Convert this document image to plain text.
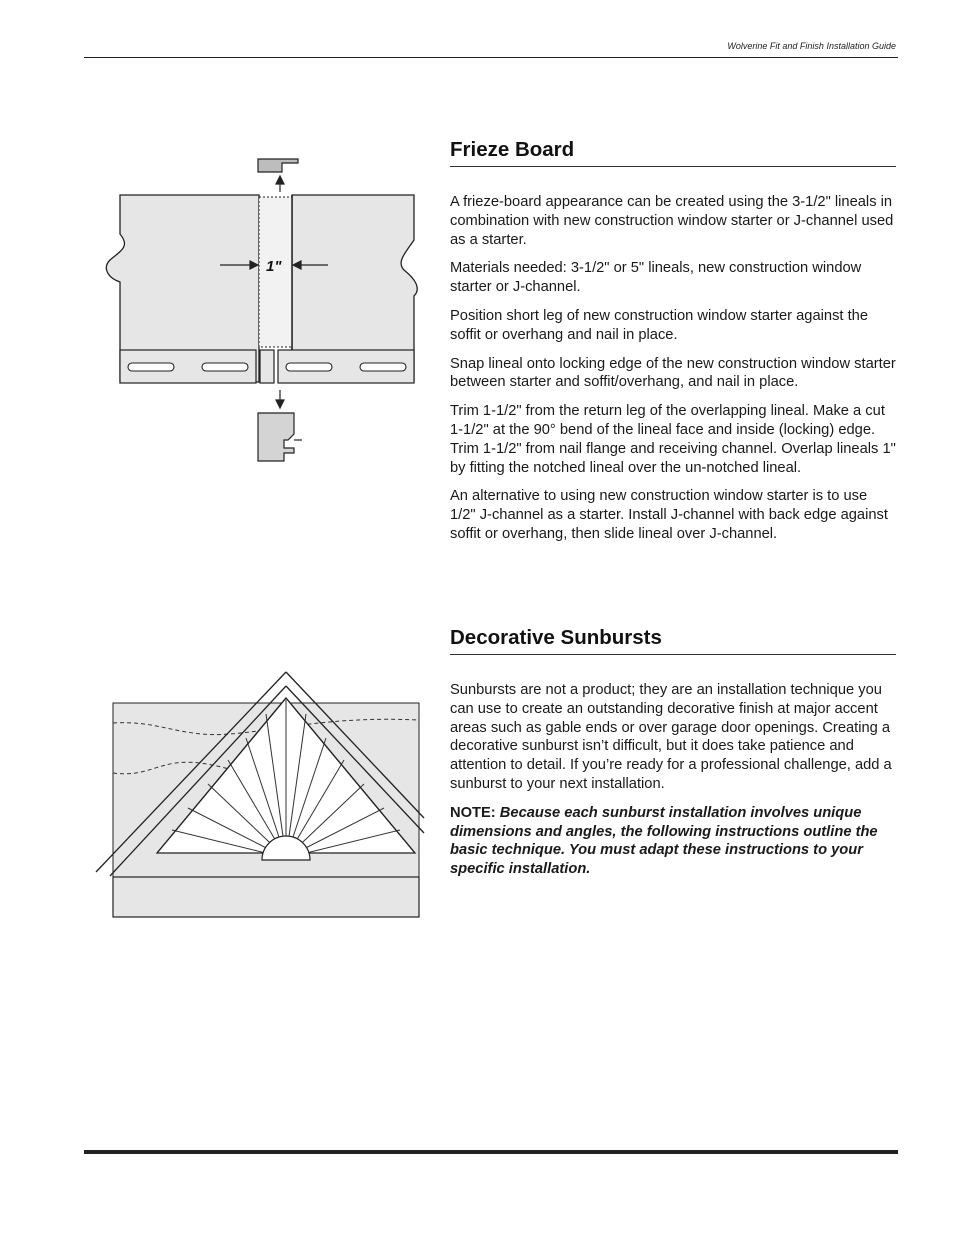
Wolverine Fit and Finish Installation Guide
1"
Frieze Board

A frieze-board appearance can be created using the 3-1/2" lineals in combination with new construction window starter or J-channel used as a starter.

Materials needed: 3-1/2" or 5" lineals, new construction window starter or J-channel.

Position short leg of new construction window starter against the soffit or overhang and nail in place.

Snap lineal onto locking edge of the new construction window starter between starter and soffit/overhang, and nail in place.

Trim 1-1/2" from the return leg of the overlapping lineal. Make a cut 1-1/2" at the 90° bend of the lineal face and inside (locking) edge. Trim 1-1/2" from nail flange and receiving channel. Overlap lineals 1" by fitting the notched lineal over the un-notched lineal.

An alternative to using new construction window starter is to use 1/2" J-channel as a starter. Install J-channel with back edge against soffit or overhang, then slide lineal over J-channel.

Decorative Sunbursts

Sunbursts are not a product; they are an installation technique you can use to create an outstanding decorative finish at major accent areas such as gable ends or over garage door openings. Creating a decorative sunburst isn’t difficult, but it does take patience and attention to detail. If you’re ready for a professional challenge, add a sunburst to your next installation.

NOTE: Because each sunburst installation involves unique dimensions and angles, the following instructions outline the basic technique. You must adapt these instructions to your specific installation.
